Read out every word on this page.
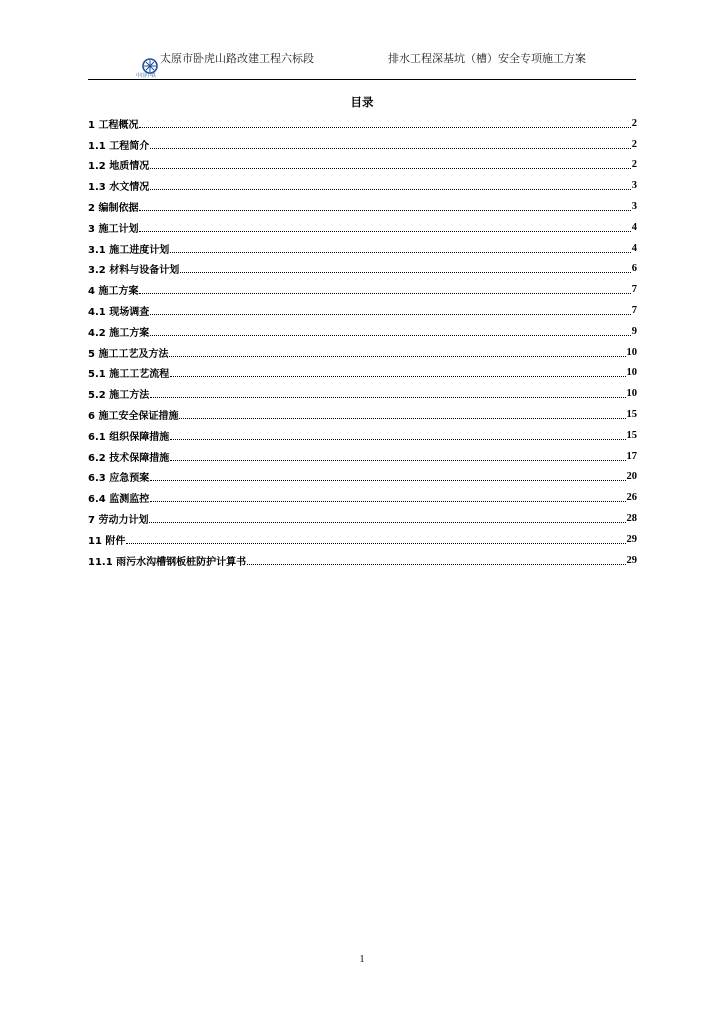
太原市卧虎山路改建工程六标段	排水工程深基坑（槽）安全专项施工方案
中国中铁
目录
1 工程概况	2
1.1 工程简介	2
1.2 地质情况	2
1.3 水文情况	3
2 编制依据	3
3 施工计划	4
3.1 施工进度计划	4
3.2 材料与设备计划	6
4 施工方案	7
4.1 现场调查	7
4.2 施工方案	9
5 施工工艺及方法	10
5.1 施工工艺流程	10
5.2 施工方法	10
6 施工安全保证措施	15
6.1 组织保障措施	15
6.2 技术保障措施	17
6.3 应急预案	20
6.4 监测监控	26
7 劳动力计划	28
11 附件	29
11.1 雨污水沟槽钢板桩防护计算书	29
1
